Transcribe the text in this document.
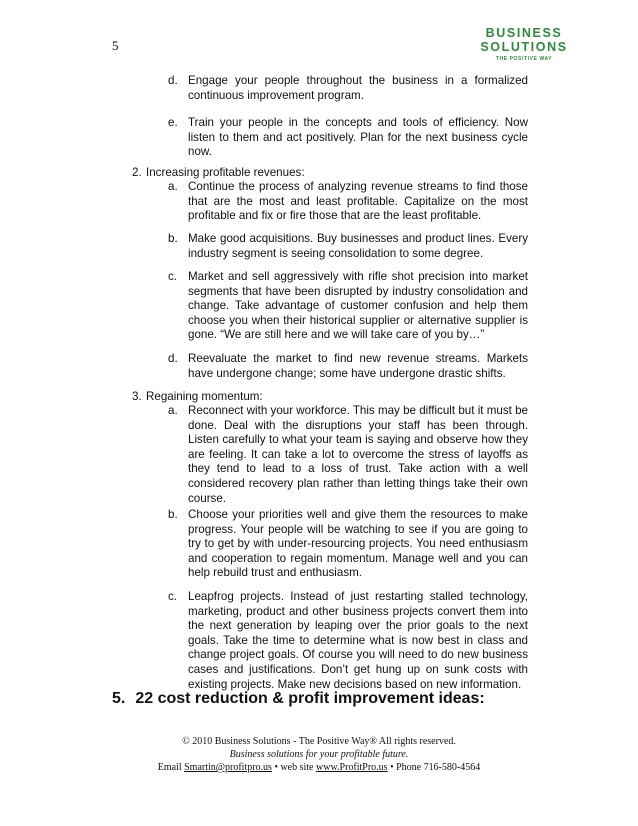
5
BUSINESS
SOLUTIONS
THE POSITIVE WAY
d. Engage your people throughout the business in a formalized continuous improvement program.
e. Train your people in the concepts and tools of efficiency. Now listen to them and act positively. Plan for the next business cycle now.
2. Increasing profitable revenues:
a. Continue the process of analyzing revenue streams to find those that are the most and least profitable. Capitalize on the most profitable and fix or fire those that are the least profitable.
b. Make good acquisitions. Buy businesses and product lines. Every industry segment is seeing consolidation to some degree.
c. Market and sell aggressively with rifle shot precision into market segments that have been disrupted by industry consolidation and change. Take advantage of customer confusion and help them choose you when their historical supplier or alternative supplier is gone. “We are still here and we will take care of you by…”
d. Reevaluate the market to find new revenue streams. Markets have undergone change; some have undergone drastic shifts.
3. Regaining momentum:
a. Reconnect with your workforce. This may be difficult but it must be done. Deal with the disruptions your staff has been through. Listen carefully to what your team is saying and observe how they are feeling. It can take a lot to overcome the stress of layoffs as they tend to lead to a loss of trust. Take action with a well considered recovery plan rather than letting things take their own course.
b. Choose your priorities well and give them the resources to make progress. Your people will be watching to see if you are going to try to get by with under-resourcing projects. You need enthusiasm and cooperation to regain momentum. Manage well and you can help rebuild trust and enthusiasm.
c. Leapfrog projects. Instead of just restarting stalled technology, marketing, product and other business projects convert them into the next generation by leaping over the prior goals to the next goals. Take the time to determine what is now best in class and change project goals. Of course you will need to do new business cases and justifications. Don’t get hung up on sunk costs with existing projects. Make new decisions based on new information.
5. 22 cost reduction & profit improvement ideas:
© 2010 Business Solutions - The Positive Way® All rights reserved.
Business solutions for your profitable future.
Email Smartin@profitpro.us • web site www.ProfitPro.us • Phone 716-580-4564
